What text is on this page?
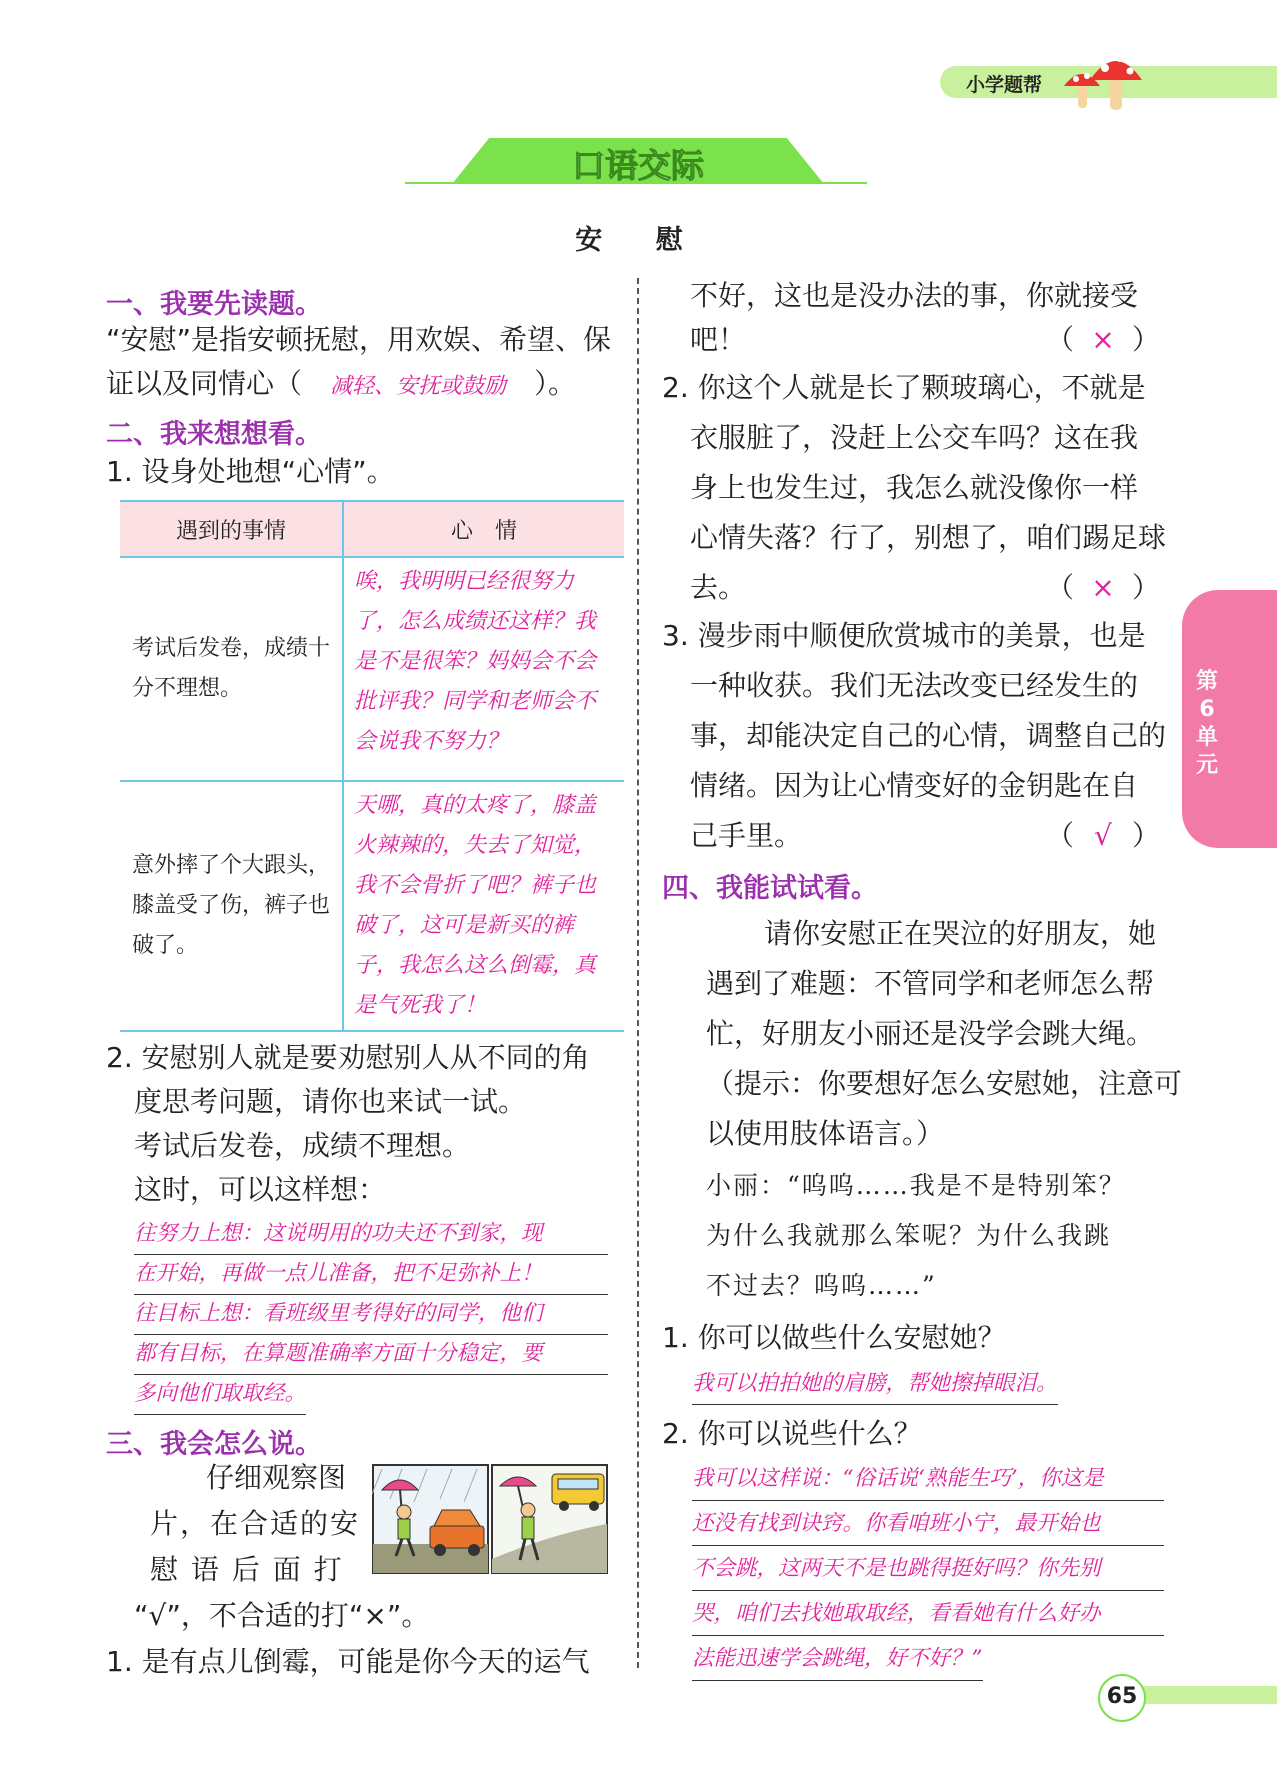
小学题帮
口语交际
安 慰
一、我要先读题。
“安慰”是指安顿抚慰，用欢娱、希望、保
证以及同情心（ 减轻、安抚或鼓励 ）。
二、我来想想看。
1. 设身处地想“心情”。
遇到的事情	心　情
考试后发卷，成绩十分不理想。	唉，我明明已经很努力了，怎么成绩还这样？我是不是很笨？妈妈会不会批评我？同学和老师会不会说我不努力？
意外摔了个大跟头，膝盖受了伤，裤子也破了。	天哪，真的太疼了，膝盖火辣辣的，失去了知觉，我不会骨折了吧？裤子也破了，这可是新买的裤子，我怎么这么倒霉，真是气死我了！
2. 安慰别人就是要劝慰别人从不同的角
度思考问题，请你也来试一试。
考试后发卷，成绩不理想。
这时，可以这样想：
往努力上想：这说明用的功夫还不到家，现
在开始，再做一点儿准备，把不足弥补上！
往目标上想：看班级里考得好的同学，他们
都有目标，在算题准确率方面十分稳定，要
多向他们取取经。
三、我会怎么说。
仔细观察图
片，在合适的安
慰 语 后 面 打
“√”，不合适的打“×”。
1. 是有点儿倒霉，可能是你今天的运气
不好，这也是没办法的事，你就接受
吧！	（ × ）
2. 你这个人就是长了颗玻璃心，不就是
衣服脏了，没赶上公交车吗？这在我
身上也发生过，我怎么就没像你一样
心情失落？行了，别想了，咱们踢足球
去。	（ × ）
3. 漫步雨中顺便欣赏城市的美景，也是
一种收获。我们无法改变已经发生的
事，却能决定自己的心情，调整自己的
情绪。因为让心情变好的金钥匙在自
己手里。	（ √ ）
四、我能试试看。
请你安慰正在哭泣的好朋友，她
遇到了难题：不管同学和老师怎么帮
忙，好朋友小丽还是没学会跳大绳。
（提示：你要想好怎么安慰她，注意可
以使用肢体语言。）
小丽：“呜呜……我是不是特别笨？
为什么我就那么笨呢？为什么我跳
不过去？呜呜……”
1. 你可以做些什么安慰她？
我可以拍拍她的肩膀，帮她擦掉眼泪。
2. 你可以说些什么？
我可以这样说：“俗话说‘熟能生巧’，你这是
还没有找到诀窍。你看咱班小宁，最开始也
不会跳，这两天不是也跳得挺好吗？你先别
哭，咱们去找她取取经，看看她有什么好办
法能迅速学会跳绳，好不好？”
第6单元
65
